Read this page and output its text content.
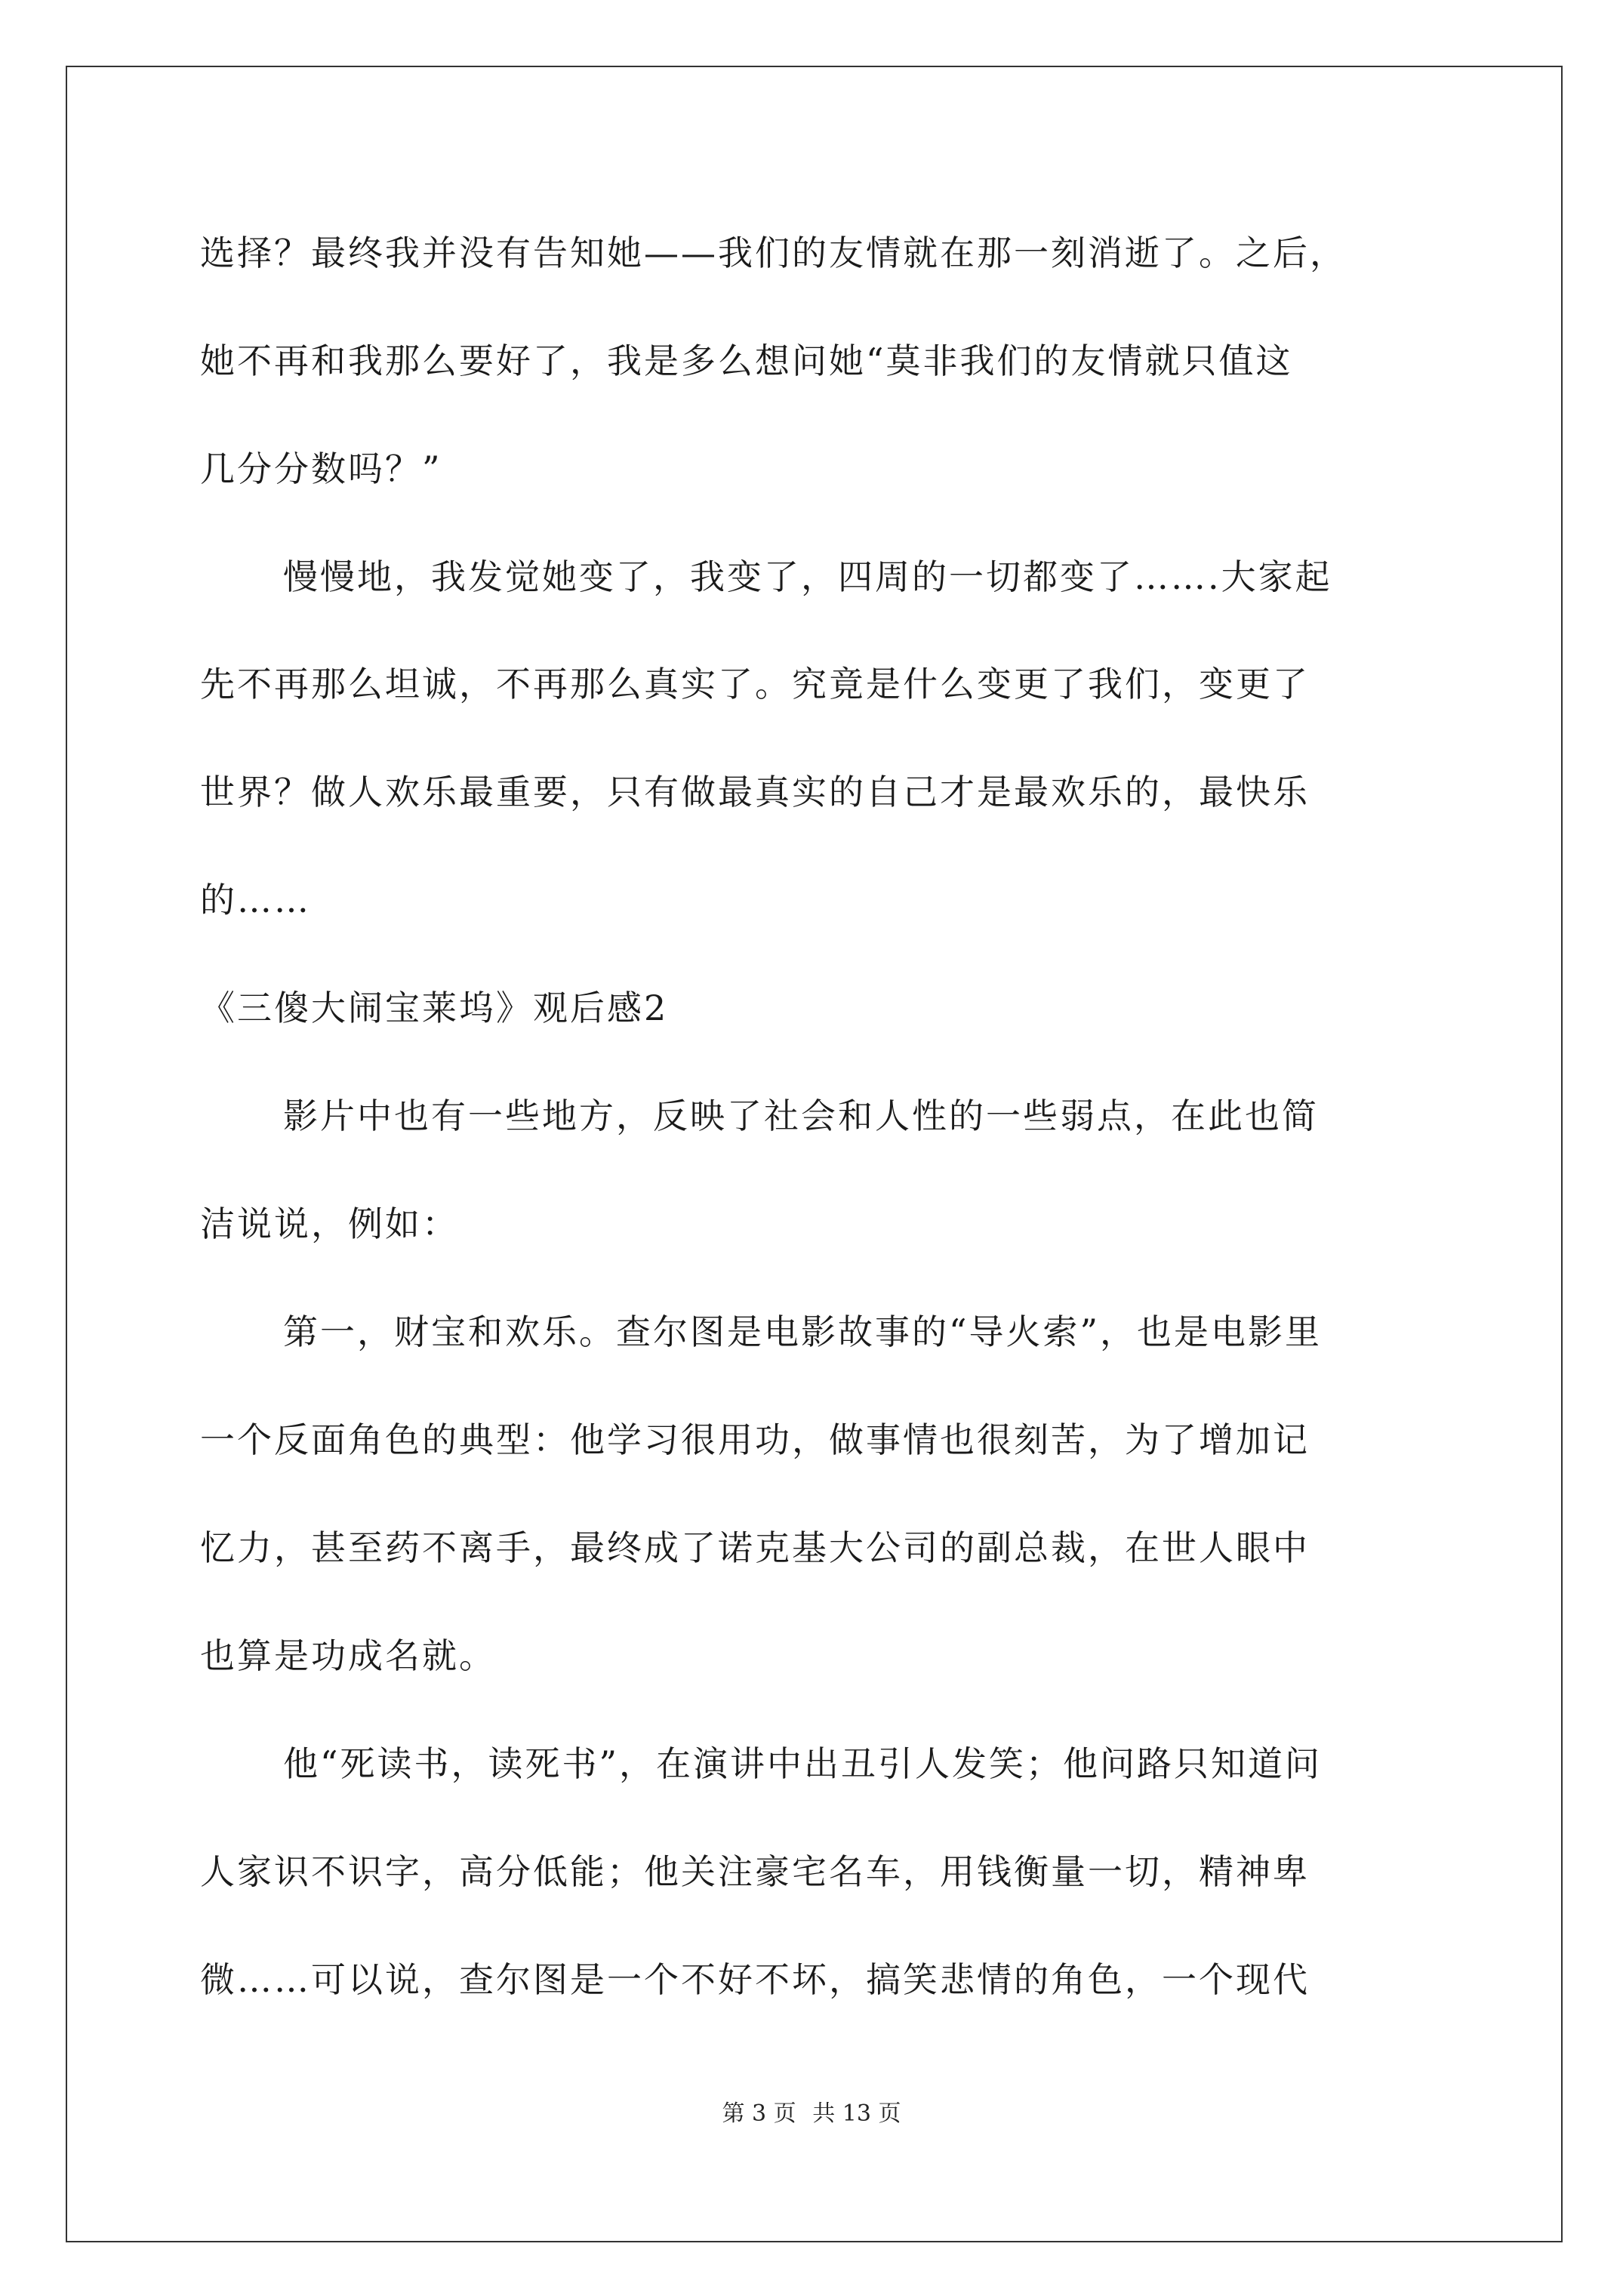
选择？最终我并没有告知她——我们的友情就在那一刻消逝了。之后，
她不再和我那么要好了，我是多么想问她“莫非我们的友情就只值这
几分分数吗？”
慢慢地，我发觉她变了，我变了，四周的一切都变了…….大家起
先不再那么坦诚，不再那么真实了。究竟是什么变更了我们，变更了
世界？做人欢乐最重要，只有做最真实的自己才是最欢乐的，最快乐
的……
《三傻大闹宝莱坞》观后感2
影片中也有一些地方，反映了社会和人性的一些弱点，在此也简
洁说说，例如：
第一，财宝和欢乐。查尔图是电影故事的“导火索”，也是电影里
一个反面角色的典型：他学习很用功，做事情也很刻苦，为了增加记
忆力，甚至药不离手，最终成了诺克基大公司的副总裁，在世人眼中
也算是功成名就。
他“死读书，读死书”，在演讲中出丑引人发笑；他问路只知道问
人家识不识字，高分低能；他关注豪宅名车，用钱衡量一切，精神卑
微……可以说，查尔图是一个不好不坏，搞笑悲情的角色，一个现代
第 3 页 共 13 页
